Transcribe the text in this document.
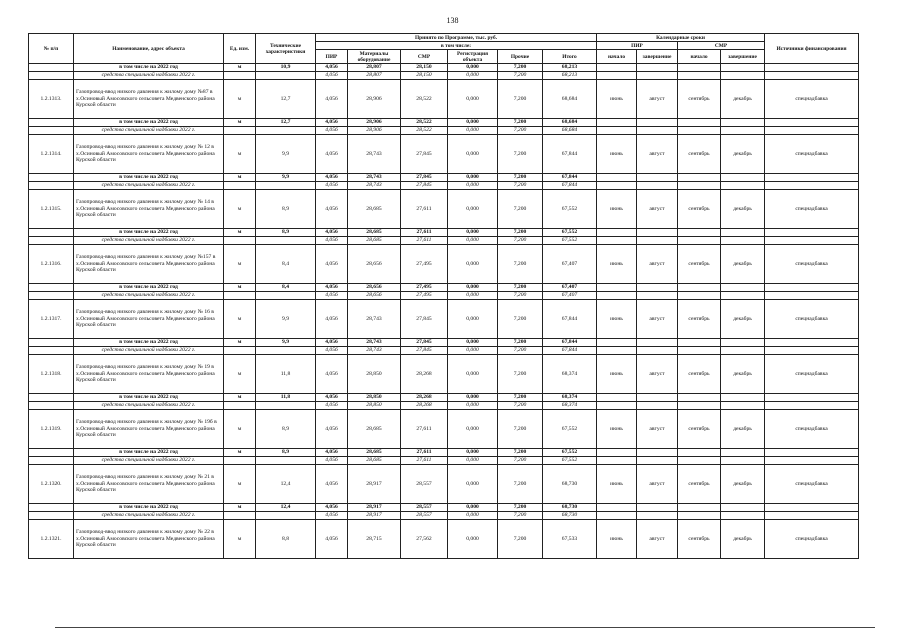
138
№ п/п	Наименование, адрес объекта	Ед. изм.	Технические характеристики	Принято по Программе, тыс. руб.						Календарные сроки				Источники финансирования
				в том числе:						ПИР		СМР		
				ПИР	Материалы оборудование	СМР	Регистрация объекта	Прочие	Итого	начало	завершение	начало	завершение	
	в том числе на 2022 год	м	10,9	4,056	28,807	28,150	0,000	7,200	68,213					
	средства специальной надбавки 2022 г.			4,056	28,807	28,150	0,000	7,200	68,213					
1.2.1313.	Газопровод-ввод низкого давления к жилому дому №87 в х.Осиновый Амосовского сельсовета Медвенского района Курской области	м	12,7	4,056	28,906	28,522	0,000	7,200	68,684	июнь	август	сентябрь	декабрь	спецнадбавка
	в том числе на 2022 год	м	12,7	4,056	28,906	28,522	0,000	7,200	68,684					
	средства специальной надбавки 2022 г.			4,056	28,906	28,522	0,000	7,200	68,684					
1.2.1314.	Газопровод-ввод низкого давления к жилому дому № 12 в х.Осиновый Амосовского сельсовета Медвенского района Курской области	м	9,9	4,056	28,743	27,845	0,000	7,200	67,844	июнь	август	сентябрь	декабрь	спецнадбавка
	в том числе на 2022 год	м	9,9	4,056	28,743	27,845	0,000	7,200	67,844					
	средства специальной надбавки 2022 г.			4,056	28,743	27,845	0,000	7,200	67,844					
1.2.1315.	Газопровод-ввод низкого давления к жилому дому № 14 в х.Осиновый Амосовского сельсовета Медвенского района Курской области	м	8,9	4,056	28,685	27,611	0,000	7,200	67,552	июнь	август	сентябрь	декабрь	спецнадбавка
	в том числе на 2022 год	м	8,9	4,056	28,685	27,611	0,000	7,200	67,552					
	средства специальной надбавки 2022 г.			4,056	28,685	27,611	0,000	7,200	67,552					
1.2.1316.	Газопровод-ввод низкого давления к жилому дому №157 в х.Осиновый Амосовского сельсовета Медвенского района Курской области	м	8,4	4,056	28,656	27,495	0,000	7,200	67,407	июнь	август	сентябрь	декабрь	спецнадбавка
	в том числе на 2022 год	м	8,4	4,056	28,656	27,495	0,000	7,200	67,407					
	средства специальной надбавки 2022 г.			4,056	28,656	27,495	0,000	7,200	67,407					
1.2.1317.	Газопровод-ввод низкого давления к жилому дому № 16 в х.Осиновый Амосовского сельсовета Медвенского района Курской области	м	9,9	4,056	28,743	27,845	0,000	7,200	67,844	июнь	август	сентябрь	декабрь	спецнадбавка
	в том числе на 2022 год	м	9,9	4,056	28,743	27,845	0,000	7,200	67,844					
	средства специальной надбавки 2022 г.			4,056	28,743	27,845	0,000	7,200	67,844					
1.2.1318.	Газопровод-ввод низкого давления к жилому дому № 19 в х.Осиновый Амосовского сельсовета Медвенского района Курской области	м	11,8	4,056	28,850	28,268	0,000	7,200	68,374	июнь	август	сентябрь	декабрь	спецнадбавка
	в том числе на 2022 год	м	11,8	4,056	28,850	28,268	0,000	7,200	68,374					
	средства специальной надбавки 2022 г.			4,056	28,850	28,268	0,000	7,200	68,374					
1.2.1319.	Газопровод-ввод низкого давления к жилому дому № 19б в х.Осиновый Амосовского сельсовета Медвенского района Курской области	м	8,9	4,056	28,685	27,611	0,000	7,200	67,552	июнь	август	сентябрь	декабрь	спецнадбавка
	в том числе на 2022 год	м	8,9	4,056	28,685	27,611	0,000	7,200	67,552					
	средства специальной надбавки 2022 г.			4,056	28,685	27,611	0,000	7,200	67,552					
1.2.1320.	Газопровод-ввод низкого давления к жилому дому № 21 в х.Осиновый Амосовского сельсовета Медвенского района Курской области	м	12,4	4,056	28,917	28,557	0,000	7,200	68,730	июнь	август	сентябрь	декабрь	спецнадбавка
	в том числе на 2022 год	м	12,4	4,056	28,917	28,557	0,000	7,200	68,730					
	средства специальной надбавки 2022 г.			4,056	28,917	28,557	0,000	7,200	68,730					
1.2.1321.	Газопровод-ввод низкого давления к жилому дому № 22 в х.Осиновый Амосовского сельсовета Медвенского района Курской области	м	8,8	4,056	28,715	27,562	0,000	7,200	67,533	июнь	август	сентябрь	декабрь	спецнадбавка
